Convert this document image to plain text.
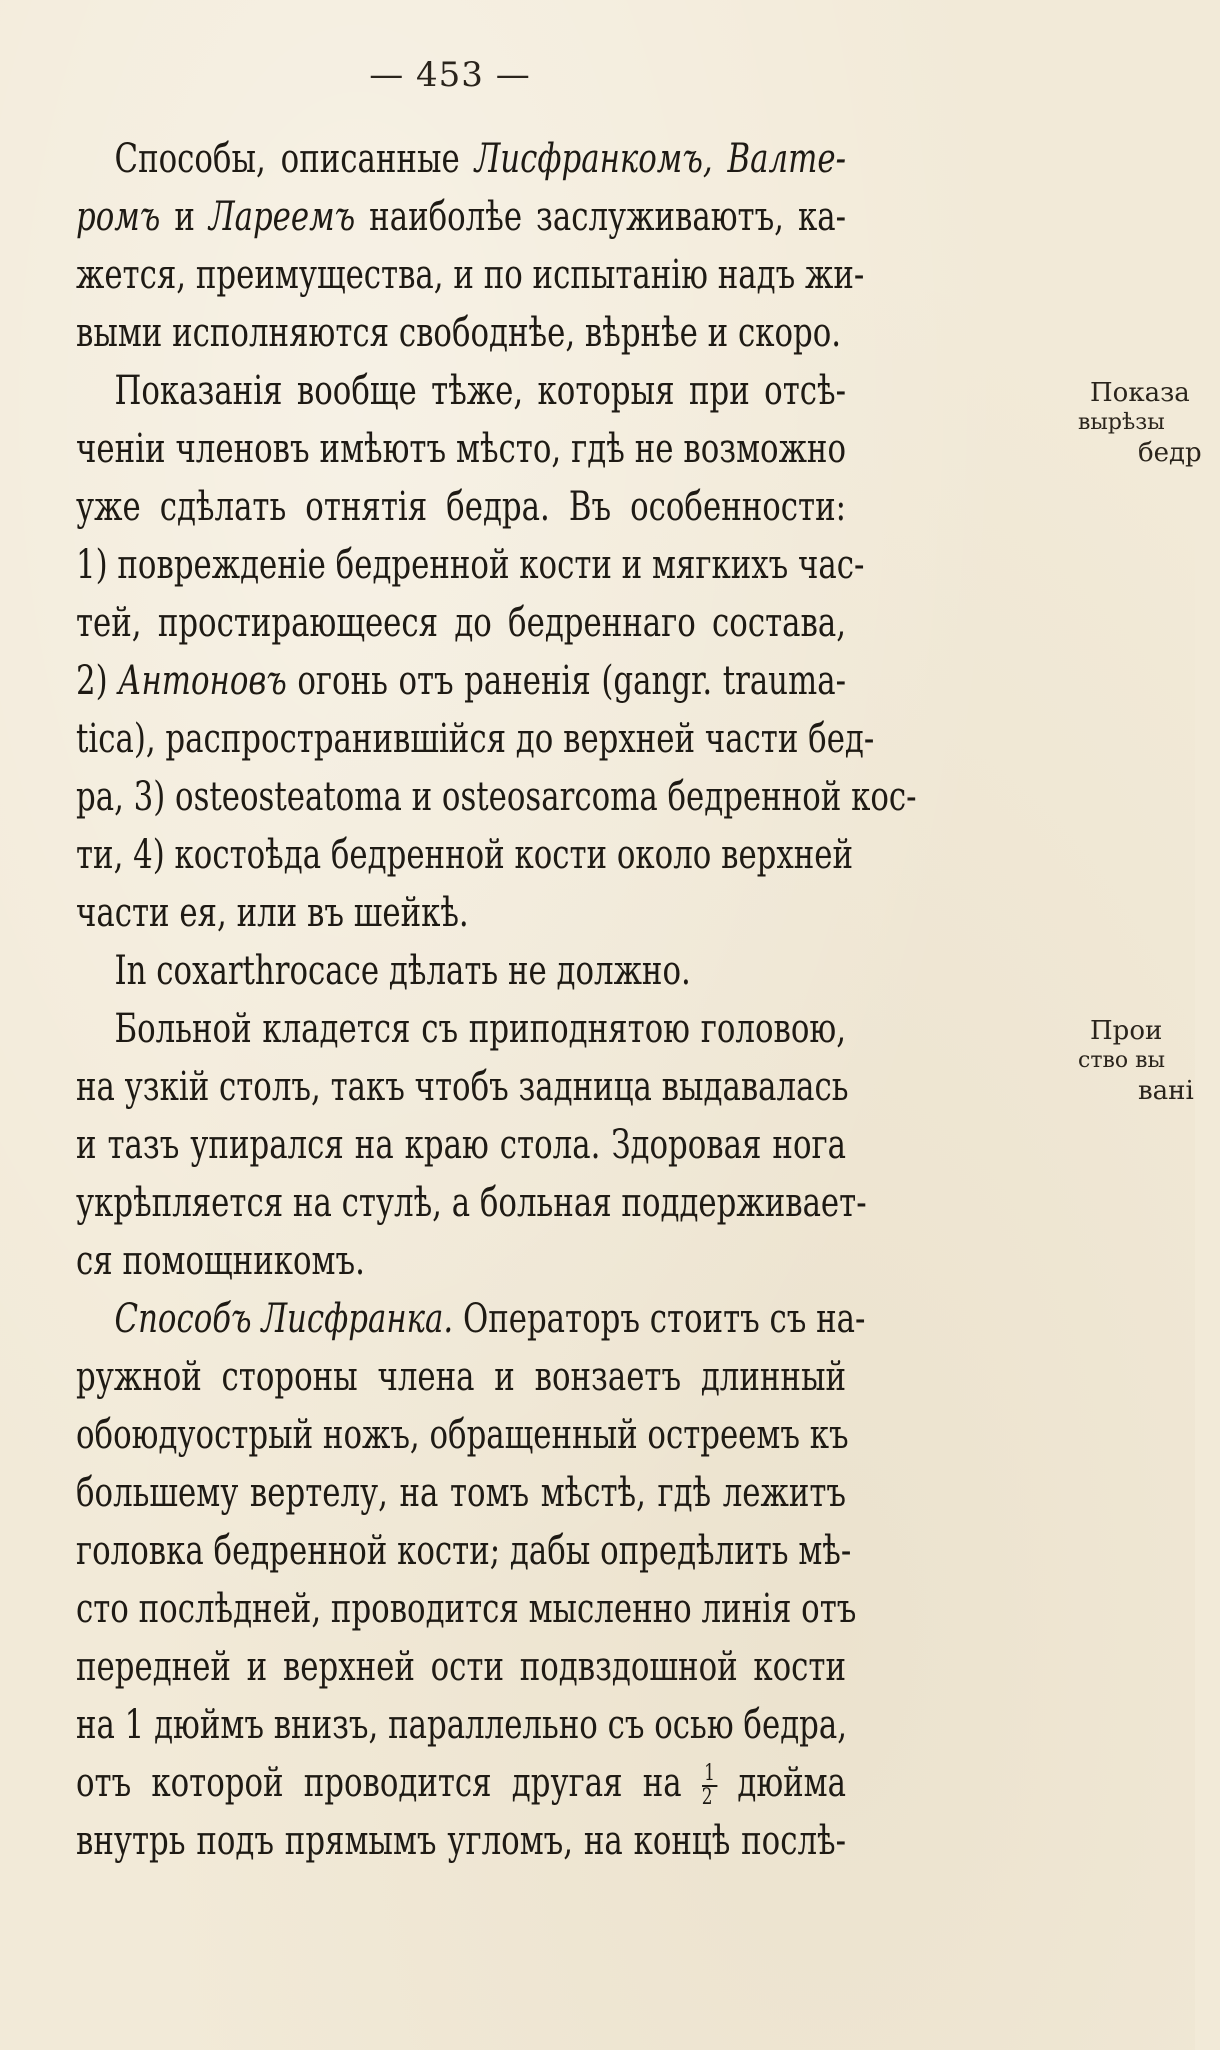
— 453 —
Способы, описанные Лисфранкомъ, Валте-
ромъ и Ларeeмъ наиболѣе заслуживаютъ, ка-
жется, преимущества, и по испытанію надъ жи-
выми исполняются свободнѣе, вѣрнѣе и скоро.
Показанія вообще тѣже, которыя при отсѣ-
ченіи членовъ имѣютъ мѣсто, гдѣ не возможно
уже сдѣлать отнятія бедра. Въ особенности:
1) поврежденіе бедренной кости и мягкихъ час-
тей, простирающееся до бедреннаго состава,
2) Антоновъ огонь отъ раненія (gangr. trauma-
tica), распространившійся до верхней части бед-
ра, 3) osteosteatoma и osteosarcoma бедренной кос-
ти, 4) костоѣда бедренной кости около верхней
части ея, или въ шейкѣ.
In coxarthrocace дѣлать не должно.
Больной кладется съ приподнятою головою,
на узкій столъ, такъ чтобъ задница выдавалась
и тазъ упирался на краю стола. Здоровая нога
укрѣпляется на стулѣ, а больная поддерживает-
ся помощникомъ.
Способъ Лисфранка. Операторъ стоитъ съ на-
ружной стороны члена и вонзаетъ длинный
обоюдуострый ножъ, обращенный остреемъ къ
большему вертелу, на томъ мѣстѣ, гдѣ лежитъ
головка бедренной кости; дабы опредѣлить мѣ-
сто послѣдней, проводится мысленно линія отъ
передней и верхней ости подвздошной кости
на 1 дюймъ внизъ, параллельно съ осью бедра,
отъ которой проводится другая на $\frac{1}{2}$ дюйма
внутрь подъ прямымъ угломъ, на концѣ послѣ-
Показа
вырѣзы
бедр
Прои
ство вы
вані
